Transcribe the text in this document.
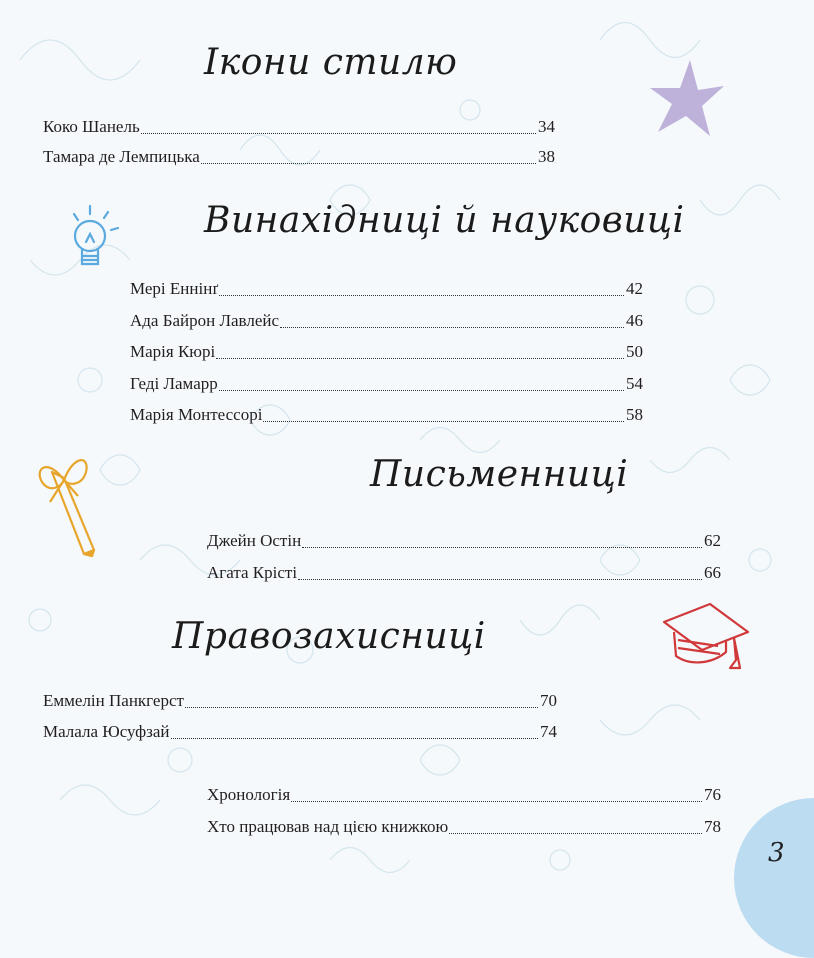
3
Ікони стилю
Коко Шанель	34
Тамара де Лемпицька	38
Винахідниці й науковиці
Мері Еннінґ	42
Ада Байрон Лавлейс	46
Марія Кюрі	50
Геді Ламарр	54
Марія Монтессорі	58
Письменниці
Джейн Остін	62
Агата Крісті	66
Правозахисниці
Еммелін Панкгерст	70
Малала Юсуфзай	74
Хронологія	76
Хто працював над цією книжкою	78
